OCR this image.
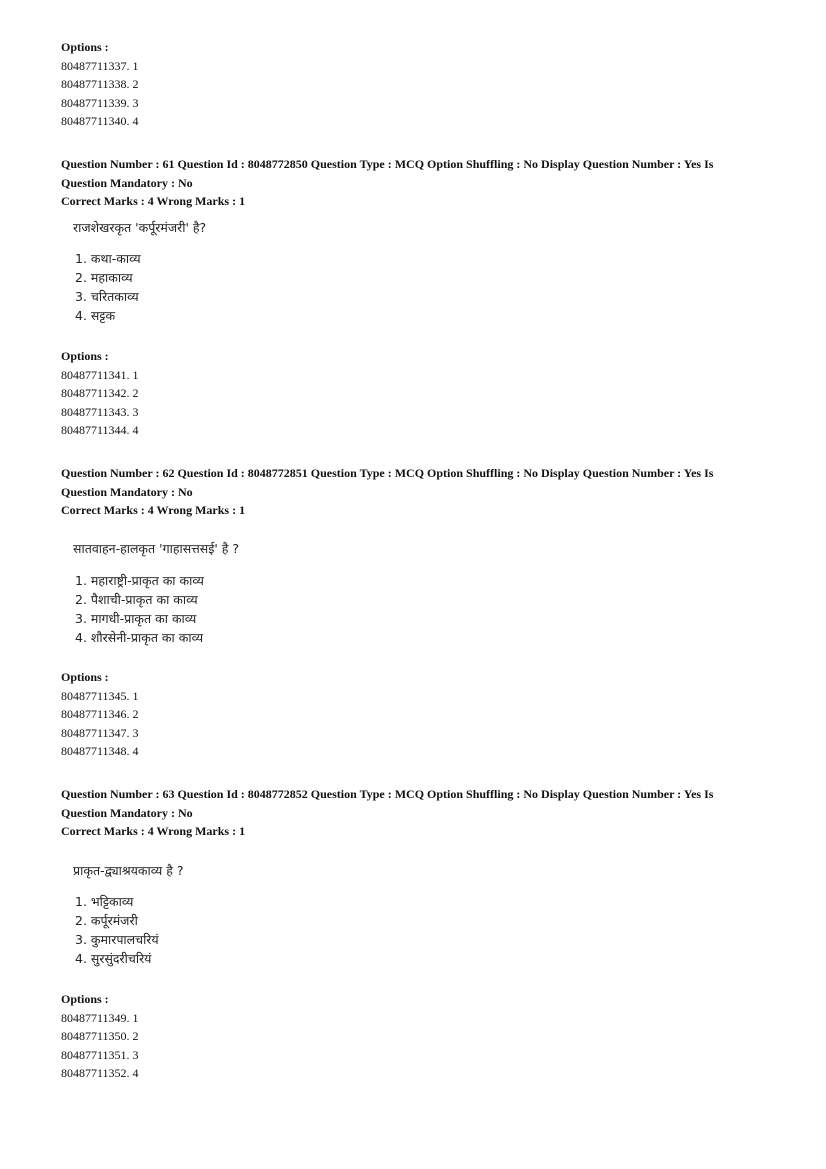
Options :
80487711337. 1
80487711338. 2
80487711339. 3
80487711340. 4
Question Number : 61 Question Id : 8048772850 Question Type : MCQ Option Shuffling : No Display Question Number : Yes Is
Question Mandatory : No
Correct Marks : 4 Wrong Marks : 1
राजशेखरकृत 'कर्पूरमंजरी' है?
1. कथा-काव्य
2. महाकाव्य
3. चरितकाव्य
4. सट्टक
Options :
80487711341. 1
80487711342. 2
80487711343. 3
80487711344. 4
Question Number : 62 Question Id : 8048772851 Question Type : MCQ Option Shuffling : No Display Question Number : Yes Is
Question Mandatory : No
Correct Marks : 4 Wrong Marks : 1
सातवाहन-हालकृत 'गाहासत्तसई' है ?
1. महाराष्ट्री-प्राकृत का काव्य
2. पैशाची-प्राकृत का काव्य
3. मागधी-प्राकृत का काव्य
4. शौरसेनी-प्राकृत का काव्य
Options :
80487711345. 1
80487711346. 2
80487711347. 3
80487711348. 4
Question Number : 63 Question Id : 8048772852 Question Type : MCQ Option Shuffling : No Display Question Number : Yes Is
Question Mandatory : No
Correct Marks : 4 Wrong Marks : 1
प्राकृत-द्व्याश्रयकाव्य है ?
1. भट्टिकाव्य
2. कर्पूरमंजरी
3. कुमारपालचरियं
4. सुरसुंदरीचरियं
Options :
80487711349. 1
80487711350. 2
80487711351. 3
80487711352. 4
